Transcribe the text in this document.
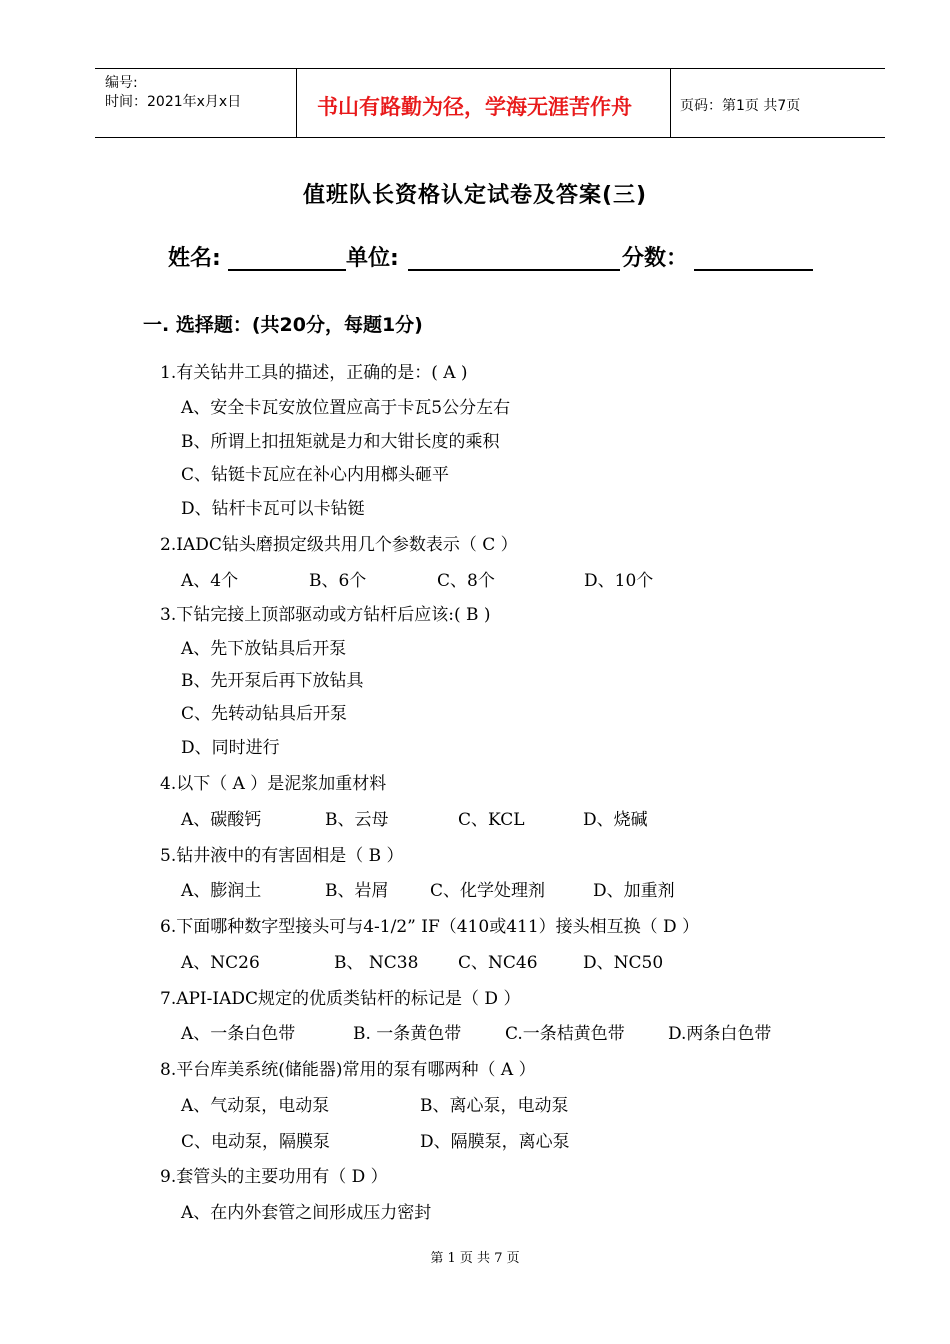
编号:
时间：2021年x月x日	书山有路勤为径，学海无涯苦作舟	页码：第1页 共7页
值班队长资格认定试卷及答案(三)
姓名:	单位:	分数：
一. 选择题：(共20分，每题1分)
1.有关钻井工具的描述，正确的是：( A )
A、安全卡瓦安放位置应高于卡瓦5公分左右
B、所谓上扣扭矩就是力和大钳长度的乘积
C、钻铤卡瓦应在补心内用榔头砸平
D、钻杆卡瓦可以卡钻铤
2.IADC钻头磨损定级共用几个参数表示（ C ）
A、4个	B、6个	C、8个	D、10个
3.下钻完接上顶部驱动或方钻杆后应该:( B )
A、先下放钻具后开泵
B、先开泵后再下放钻具
C、先转动钻具后开泵
D、同时进行
4.以下（ A ）是泥浆加重材料
A、碳酸钙	B、云母	C、KCL	D、烧碱
5.钻井液中的有害固相是（ B ）
A、膨润土	B、岩屑 C、化学处理剂	D、加重剂
6.下面哪种数字型接头可与4-1/2” IF（410或411）接头相互换（ D ）
A、NC26	B、 NC38 C、NC46	D、NC50
7.API-IADC规定的优质类钻杆的标记是（ D ）
A、一条白色带	B. 一条黄色带	C.一条桔黄色带	D.两条白色带
8.平台库美系统(储能器)常用的泵有哪两种（ A ）
A、气动泵，电动泵	B、离心泵，电动泵
C、电动泵，隔膜泵	D、隔膜泵，离心泵
9.套管头的主要功用有（ D ）
A、在内外套管之间形成压力密封
第 1 页 共 7 页
